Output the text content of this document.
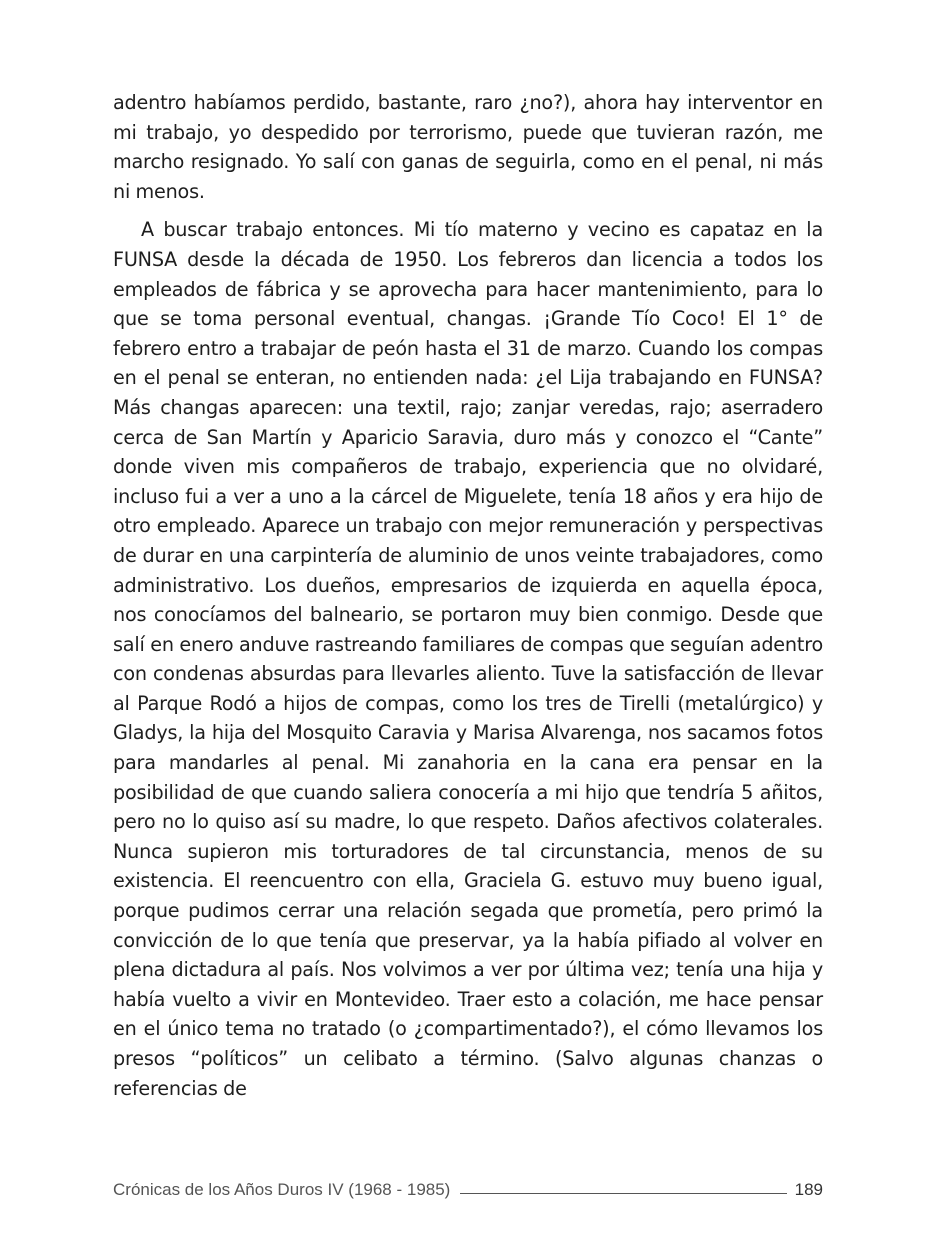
adentro habíamos perdido, bastante, raro ¿no?), ahora hay interventor en mi trabajo, yo despedido por terrorismo, puede que tuvieran razón, me marcho resignado. Yo salí con ganas de seguirla, como en el penal, ni más ni menos.

A buscar trabajo entonces. Mi tío materno y vecino es capataz en la FUNSA desde la década de 1950. Los febreros dan licencia a todos los empleados de fábrica y se aprovecha para hacer mantenimiento, para lo que se toma personal eventual, changas. ¡Grande Tío Coco! El 1° de febrero entro a trabajar de peón hasta el 31 de marzo. Cuando los compas en el penal se enteran, no entienden nada: ¿el Lija trabajando en FUNSA? Más changas aparecen: una textil, rajo; zanjar veredas, rajo; aserradero cerca de San Martín y Aparicio Saravia, duro más y conozco el “Cante” donde viven mis compañeros de trabajo, experiencia que no olvidaré, incluso fui a ver a uno a la cárcel de Miguelete, tenía 18 años y era hijo de otro empleado. Aparece un trabajo con mejor remuneración y perspectivas de durar en una carpintería de aluminio de unos veinte trabajadores, como administrativo. Los dueños, empresarios de izquierda en aquella época, nos conocíamos del balneario, se portaron muy bien conmigo. Desde que salí en enero anduve rastreando familiares de compas que seguían adentro con condenas absurdas para llevarles aliento. Tuve la satisfacción de llevar al Parque Rodó a hijos de compas, como los tres de Tirelli (metalúrgico) y Gladys, la hija del Mosquito Caravia y Marisa Alvarenga, nos sacamos fotos para mandarles al penal. Mi zanahoria en la cana era pensar en la posibilidad de que cuando saliera conocería a mi hijo que tendría 5 añitos, pero no lo quiso así su madre, lo que respeto. Daños afectivos colaterales. Nunca supieron mis torturadores de tal circunstancia, menos de su existencia. El reencuentro con ella, Graciela G. estuvo muy bueno igual, porque pudimos cerrar una relación segada que prometía, pero primó la convicción de lo que tenía que preservar, ya la había pifiado al volver en plena dictadura al país. Nos volvimos a ver por última vez; tenía una hija y había vuelto a vivir en Montevideo. Traer esto a colación, me hace pensar en el único tema no tratado (o ¿compartimentado?), el cómo llevamos los presos “políticos” un celibato a término. (Salvo algunas chanzas o referencias de

Crónicas de los Años Duros IV (1968 - 1985)	189
